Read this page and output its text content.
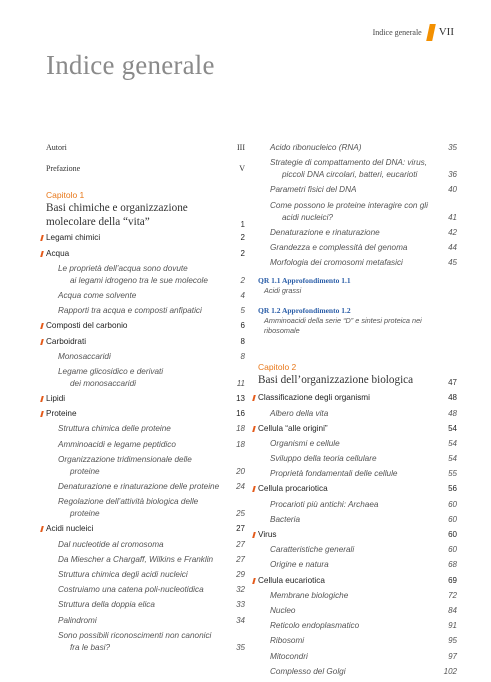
Indice generale VII
Indice generale
Autori	III
Prefazione	V
Capitolo 1
Basi chimiche e organizzazione molecolare della “vita”	1
Legami chimici	2
Acqua	2
Le proprietà dell’acqua sono dovute
ai legami idrogeno tra le sue molecole	2
Acqua come solvente	4
Rapporti tra acqua e composti anfipatici	5
Composti del carbonio	6
Carboidrati	8
Monosaccaridi	8
Legame glicosidico e derivati
dei monosaccaridi	11
Lipidi	13
Proteine	16
Struttura chimica delle proteine	18
Amminoacidi e legame peptidico	18
Organizzazione tridimensionale delle
proteine	20
Denaturazione e rinaturazione delle proteine	24
Regolazione dell’attività biologica delle
proteine	25
Acidi nucleici	27
Dal nucleotide al cromosoma	27
Da Miescher a Chargaff, Wilkins e Franklin	27
Struttura chimica degli acidi nucleici	29
Costruiamo una catena poli-nucleotidica	32
Struttura della doppia elica	33
Palindromi	34
Sono possibili riconoscimenti non canonici
fra le basi?	35
Acido ribonucleico (RNA)	35
Strategie di compattamento del DNA: virus,
piccoli DNA circolari, batteri, eucarioti	36
Parametri fisici del DNA	40
Come possono le proteine interagire con gli
acidi nucleici?	41
Denaturazione e rinaturazione	42
Grandezza e complessità del genoma	44
Morfologia dei cromosomi metafasici	45
QR 1.1 Approfondimento 1.1
Acidi grassi
QR 1.2 Approfondimento 1.2
Amminoacidi della serie “D” e sintesi proteica nei ribosomale
Capitolo 2
Basi dell’organizzazione biologica	47
Classificazione degli organismi	48
Albero della vita	48
Cellula “alle origini”	54
Organismi e cellule	54
Sviluppo della teoria cellulare	54
Proprietà fondamentali delle cellule	55
Cellula procariotica	56
Procarioti più antichi: Archaea	60
Bacteria	60
Virus	60
Caratteristiche generali	60
Origine e natura	68
Cellula eucariotica	69
Membrane biologiche	72
Nucleo	84
Reticolo endoplasmatico	91
Ribosomi	95
Mitocondri	97
Complesso del Golgi	102
